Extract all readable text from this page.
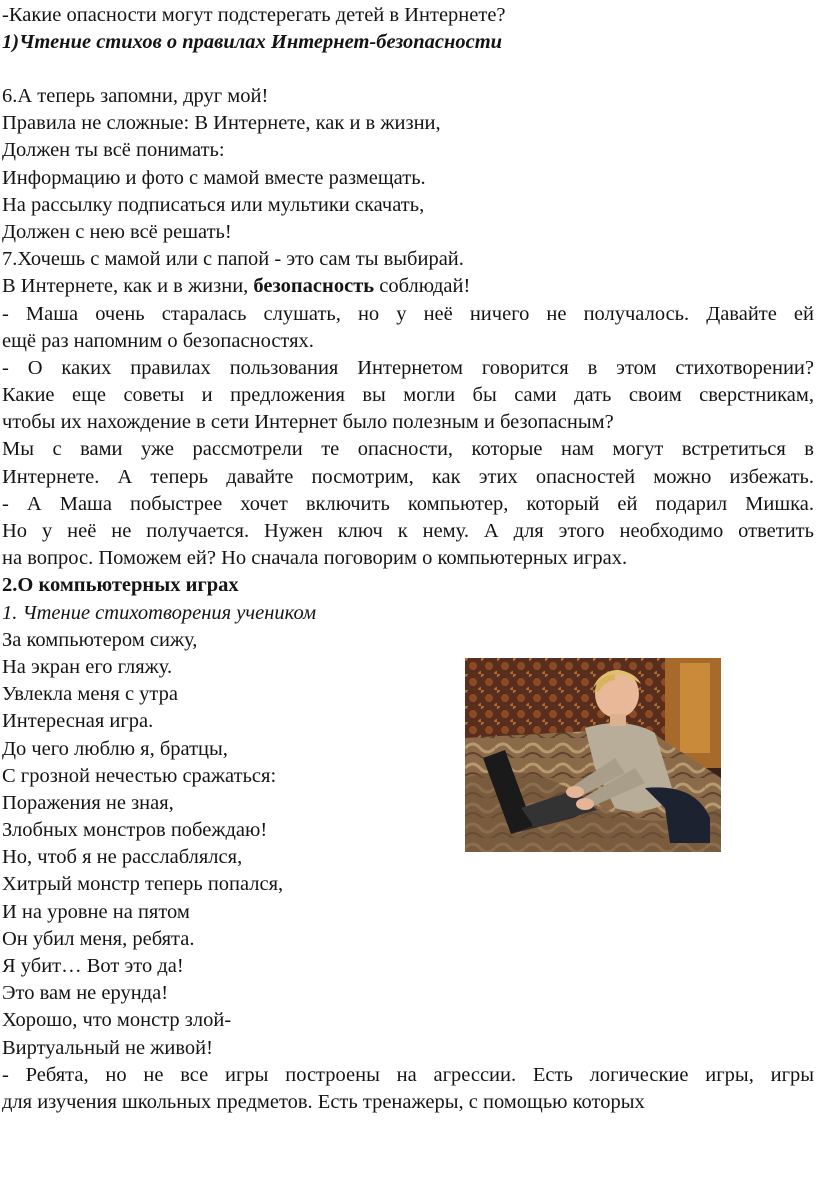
-Какие опасности могут подстерегать детей в Интернете?
1)Чтение стихов о правилах Интернет-безопасности
6.А теперь запомни, друг мой!
Правила не сложные: В Интернете, как и в жизни,
Должен ты всё понимать:
Информацию и фото с мамой вместе размещать.
На рассылку подписаться или мультики скачать,
Должен с нею всё решать!
7.Хочешь с мамой или с папой - это сам ты выбирай.
В Интернете, как и в жизни, безопасность соблюдай!
- Маша очень старалась слушать, но у неё ничего не получалось. Давайте ей
ещё раз напомним о безопасностях.
- О каких правилах пользования Интернетом говорится в этом стихотворении?
Какие еще советы и предложения вы могли бы сами дать своим сверстникам,
чтобы их нахождение в сети Интернет было полезным и безопасным?
Мы с вами уже рассмотрели те опасности, которые нам могут встретиться в
Интернете. А теперь давайте посмотрим, как этих опасностей можно избежать.
- А Маша побыстрее хочет включить компьютер, который ей подарил Мишка.
Но у неё не получается. Нужен ключ к нему. А для этого необходимо ответить
на вопрос. Поможем ей? Но сначала поговорим о компьютерных играх.
2.О компьютерных играх
1. Чтение стихотворения учеником
За компьютером сижу,
На экран его гляжу.
Увлекла меня с утра
Интересная игра.
До чего люблю я, братцы,
С грозной нечестью сражаться:
Поражения не зная,
Злобных монстров побеждаю!
Но, чтоб я не расслаблялся,
Хитрый монстр теперь попался,
И на уровне на пятом
Он убил меня, ребята.
Я убит… Вот это да!
Это вам не ерунда!
Хорошо, что монстр злой-
Виртуальный не живой!
- Ребята, но не все игры построены на агрессии. Есть логические игры, игры
для изучения школьных предметов. Есть тренажеры, с помощью которых
